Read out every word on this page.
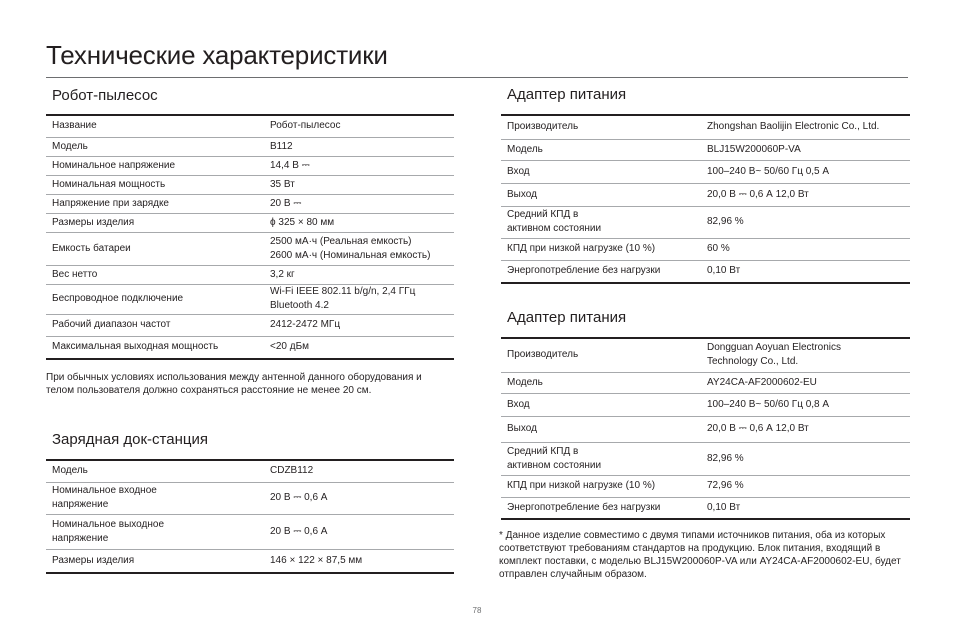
Технические характеристики
Робот-пылесос
Название	Робот-пылесос
Модель	B112
Номинальное напряжение	14,4 В ⎓
Номинальная мощность	35 Вт
Напряжение при зарядке	20 В ⎓
Размеры изделия	ϕ 325 × 80 мм
Емкость батареи	2500 мА·ч (Реальная емкость)
2600 мА·ч (Номинальная емкость)
Вес нетто	3,2 кг
Беспроводное подключение	Wi-Fi IEEE 802.11 b/g/n, 2,4 ГГц
Bluetooth 4.2
Рабочий диапазон частот	2412-2472 МГц
Максимальная выходная мощность	<20 дБм
При обычных условиях использования между антенной данного оборудования и телом пользователя должно сохраняться расстояние не менее 20 см.
Зарядная док-станция
Модель	CDZB112
Номинальное входное
напряжение	20 В ⎓ 0,6 А
Номинальное выходное
напряжение	20 В ⎓ 0,6 А
Размеры изделия	146 × 122 × 87,5 мм
Адаптер питания
Производитель	Zhongshan Baolijin Electronic Co., Ltd.
Модель	BLJ15W200060P-VA
Вход	100–240 В~ 50/60 Гц 0,5 А
Выход	20,0 В ⎓ 0,6 А 12,0 Вт
Средний КПД в
активном состоянии	82,96 %
КПД при низкой нагрузке (10 %)	60 %
Энергопотребление без нагрузки	0,10 Вт
Адаптер питания
Производитель	Dongguan Aoyuan Electronics
Technology Co., Ltd.
Модель	AY24CA-AF2000602-EU
Вход	100–240 В~ 50/60 Гц 0,8 А
Выход	20,0 В ⎓ 0,6 А 12,0 Вт
Средний КПД в
активном состоянии	82,96 %
КПД при низкой нагрузке (10 %)	72,96 %
Энергопотребление без нагрузки	0,10 Вт
* Данное изделие совместимо с двумя типами источников питания, оба из которых соответствуют требованиям стандартов на продукцию. Блок питания, входящий в комплект поставки, с моделью BLJ15W200060P-VA или AY24CA-AF2000602-EU, будет отправлен случайным образом.
78
